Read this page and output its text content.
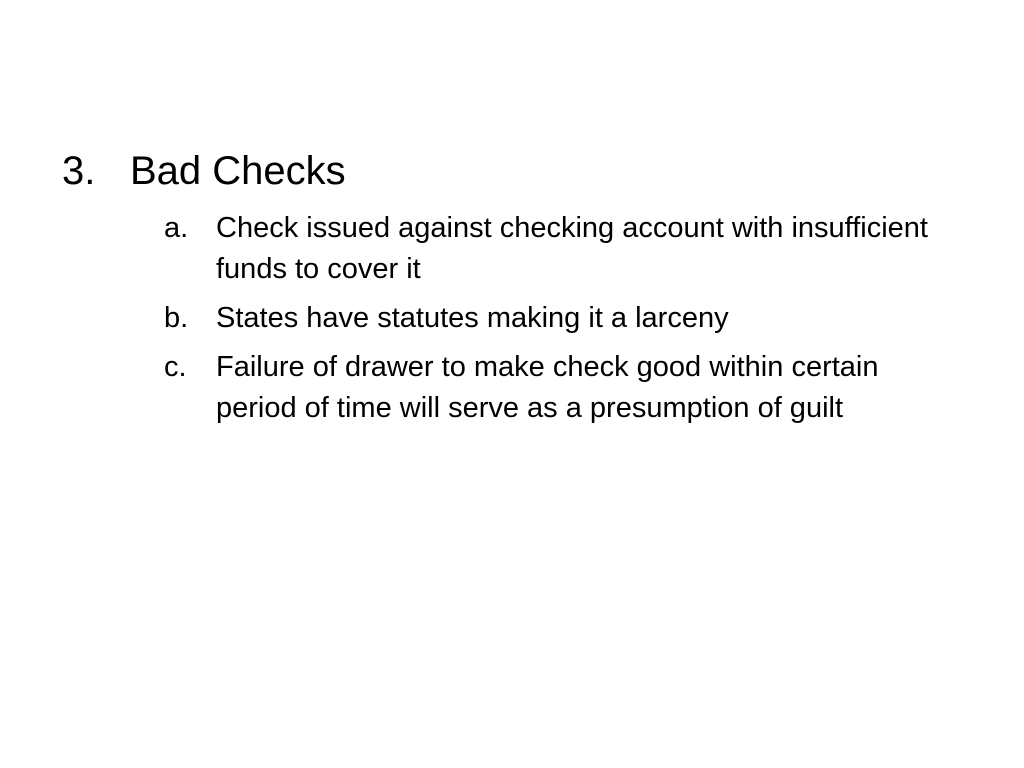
3. Bad Checks
a. Check issued against checking account with insufficient funds to cover it
b. States have statutes making it a larceny
c. Failure of drawer to make check good within certain period of time will serve as a presumption of guilt
